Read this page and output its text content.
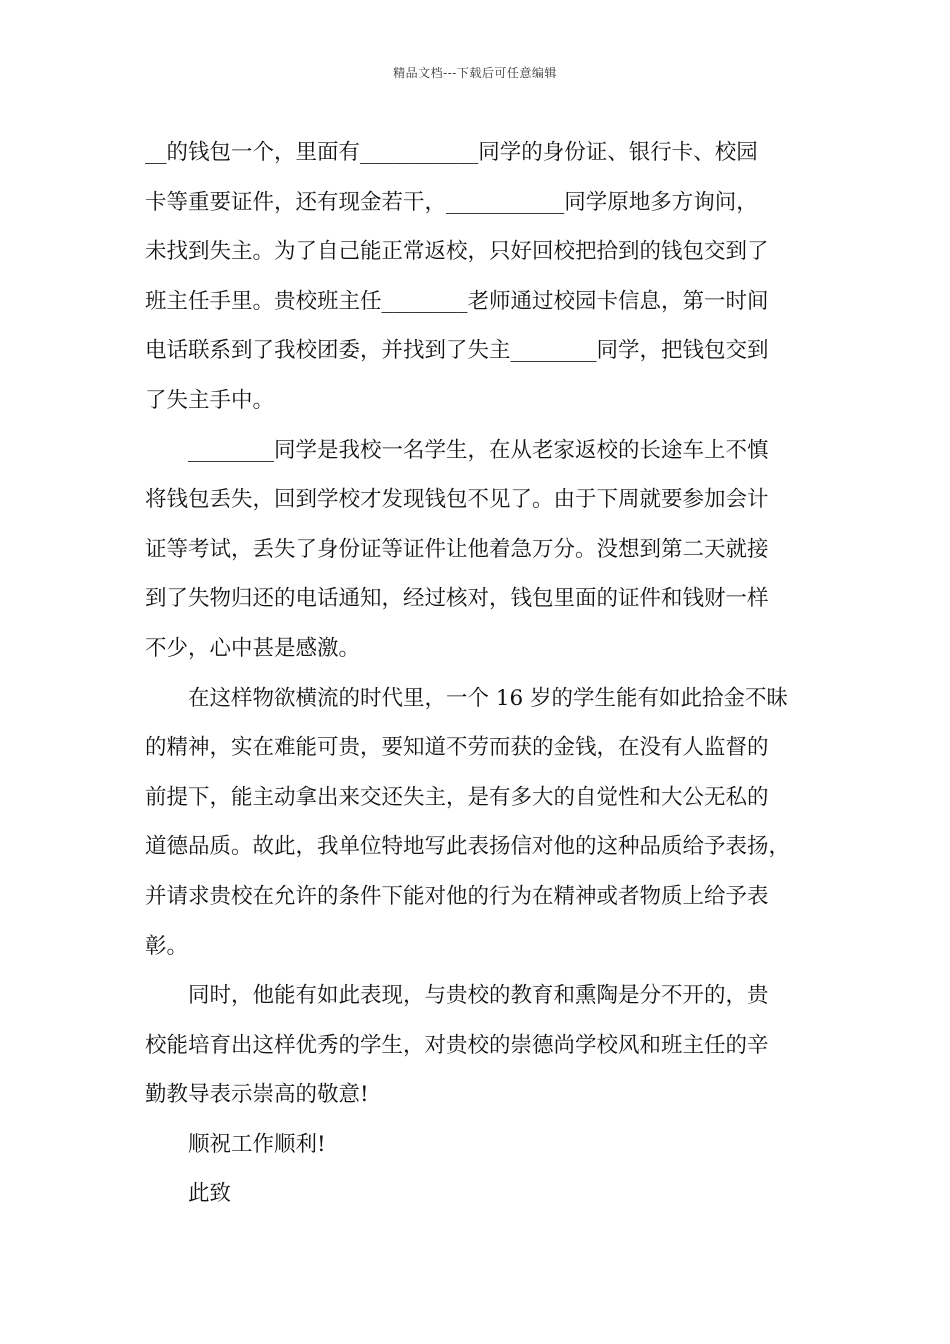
精品文档---下载后可任意编辑
__的钱包一个，里面有___________同学的身份证、银行卡、校园
卡等重要证件，还有现金若干，___________同学原地多方询问，
未找到失主。为了自己能正常返校，只好回校把拾到的钱包交到了
班主任手里。贵校班主任________老师通过校园卡信息，第一时间
电话联系到了我校团委，并找到了失主________同学，把钱包交到
了失主手中。
________同学是我校一名学生，在从老家返校的长途车上不慎
将钱包丢失，回到学校才发现钱包不见了。由于下周就要参加会计
证等考试，丢失了身份证等证件让他着急万分。没想到第二天就接
到了失物归还的电话通知，经过核对，钱包里面的证件和钱财一样
不少，心中甚是感激。
在这样物欲横流的时代里，一个 16 岁的学生能有如此拾金不昧
的精神，实在难能可贵，要知道不劳而获的金钱，在没有人监督的
前提下，能主动拿出来交还失主，是有多大的自觉性和大公无私的
道德品质。故此，我单位特地写此表扬信对他的这种品质给予表扬，
并请求贵校在允许的条件下能对他的行为在精神或者物质上给予表
彰。
同时，他能有如此表现，与贵校的教育和熏陶是分不开的，贵
校能培育出这样优秀的学生，对贵校的崇德尚学校风和班主任的辛
勤教导表示崇高的敬意!
顺祝工作顺利!
此致
